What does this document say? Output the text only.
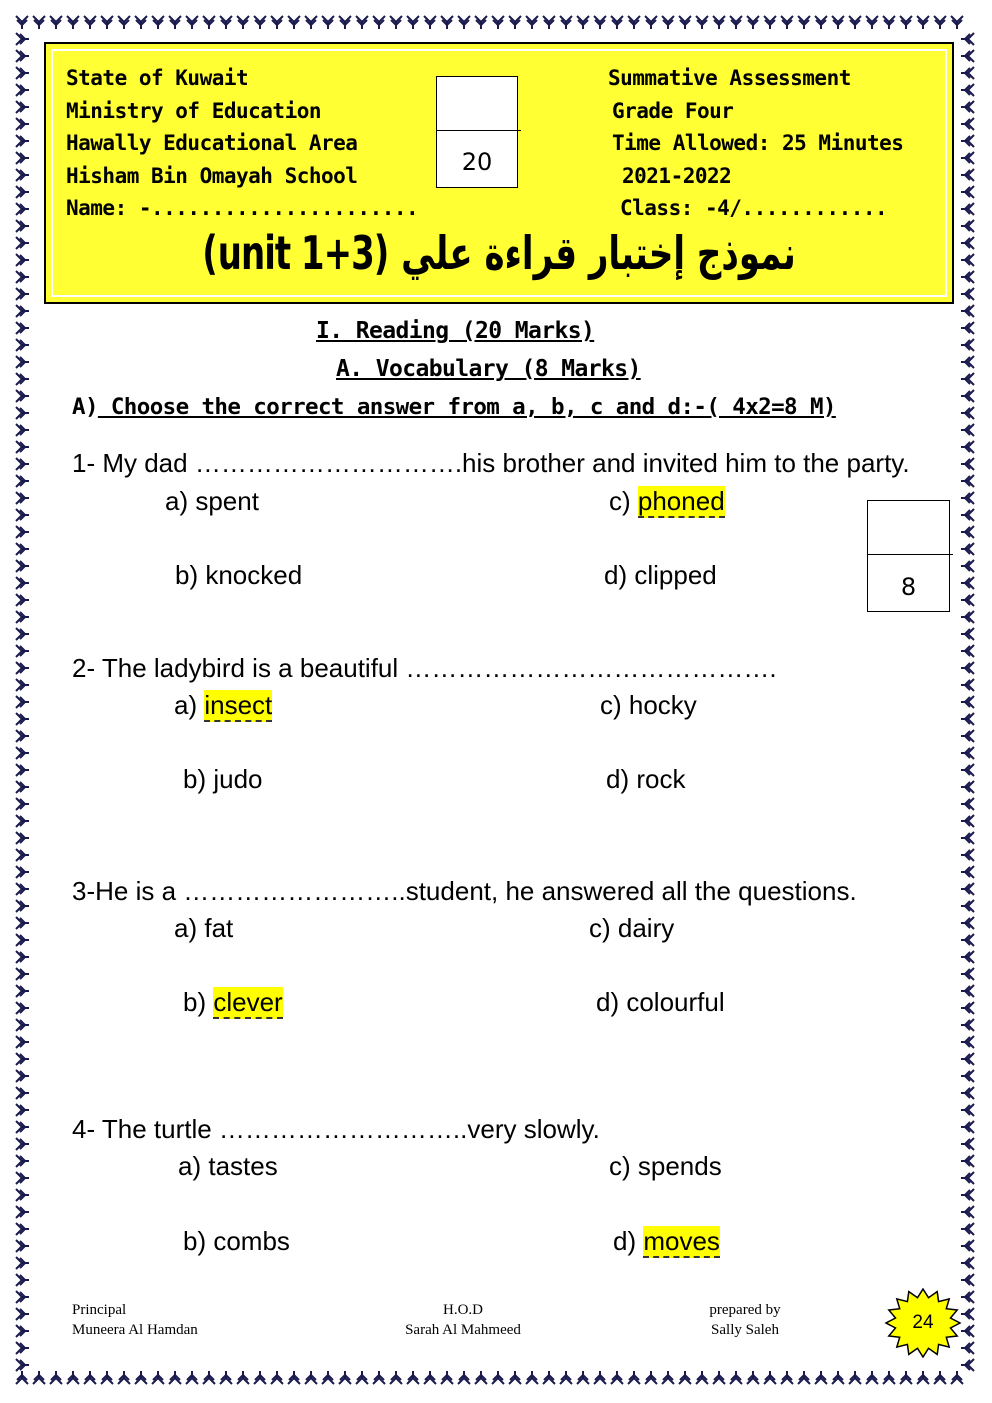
State of Kuwait
Ministry of Education
Hawally Educational Area
Hisham Bin Omayah School
Name: -......................
Summative Assessment
Grade Four
Time Allowed: 25 Minutes
2021-2022
Class: -4/............
20
نموذج إختبار قراءة علي (unit 1+3)
I. Reading (20 Marks)
A. Vocabulary (8 Marks)
A) Choose the correct answer from a, b, c and d:-( 4x2=8 M)
8
1- My dad ………………………….his brother and invited him to the party.
a) spent	c) phoned
b) knocked	d) clipped
2- The ladybird is a beautiful …………………………………….
a) insect	c) hocky
b) judo	d) rock
3-He is a ……………………..student, he answered all the questions.
a) fat	c) dairy
b) clever	d) colourful
4- The turtle ………………………..very slowly.
a) tastes	c) spends
b) combs	d) moves
Principal
Muneera Al Hamdan
H.O.D
Sarah Al Mahmeed
prepared by
Sally Saleh	24
